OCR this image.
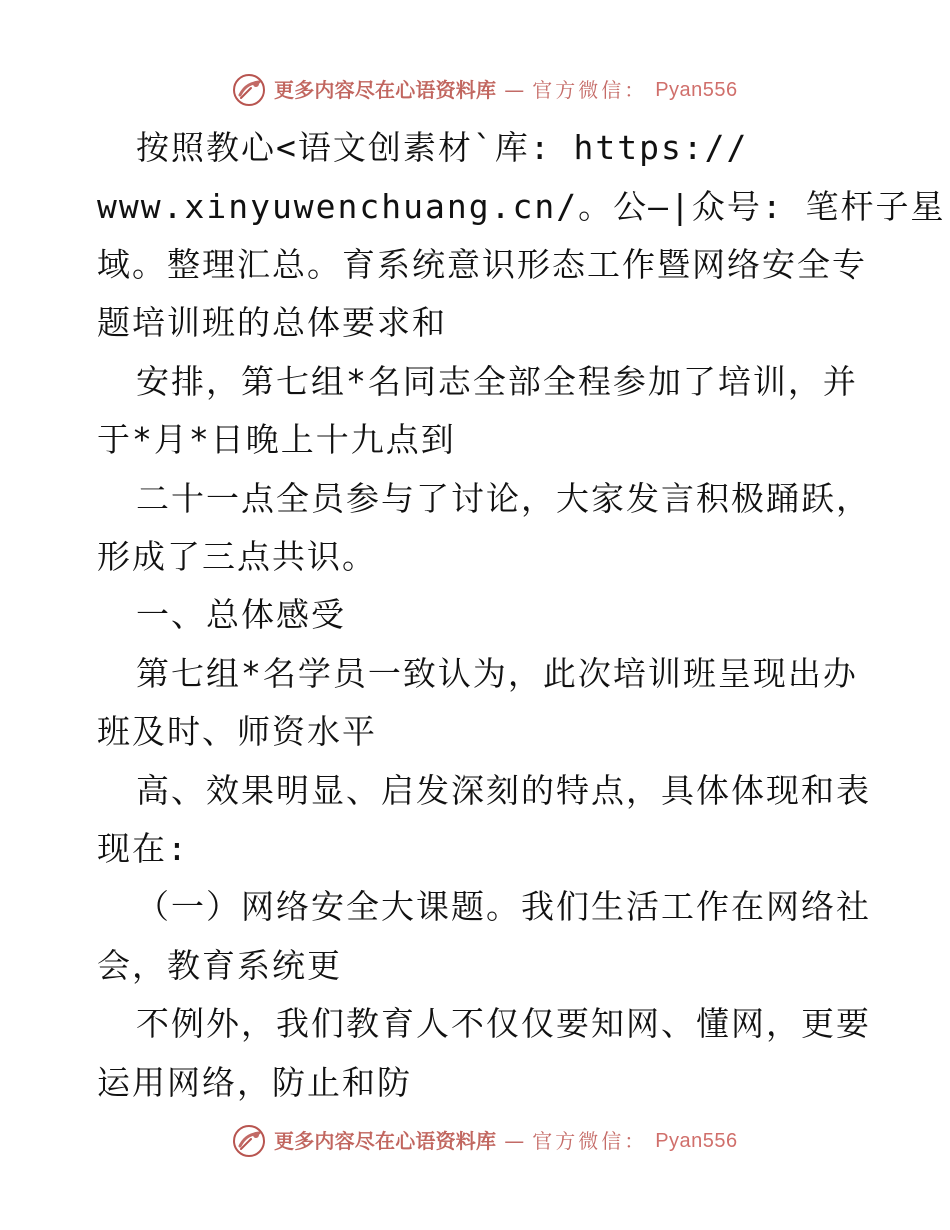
更多内容尽在心语资料库 — 官方微信： Pyan556
按照教心<语文创素材`库: https://
www.xinyuwenchuang.cn/。公—|众号: 笔杆子星
域。整理汇总。育系统意识形态工作暨网络安全专
题培训班的总体要求和
安排，第七组*名同志全部全程参加了培训，并
于*月*日晚上十九点到
二十一点全员参与了讨论，大家发言积极踊跃，
形成了三点共识。
一、总体感受
第七组*名学员一致认为，此次培训班呈现出办
班及时、师资水平
高、效果明显、启发深刻的特点，具体体现和表
现在:
（一）网络安全大课题。我们生活工作在网络社
会，教育系统更
不例外，我们教育人不仅仅要知网、懂网，更要
运用网络，防止和防
更多内容尽在心语资料库 — 官方微信： Pyan556
